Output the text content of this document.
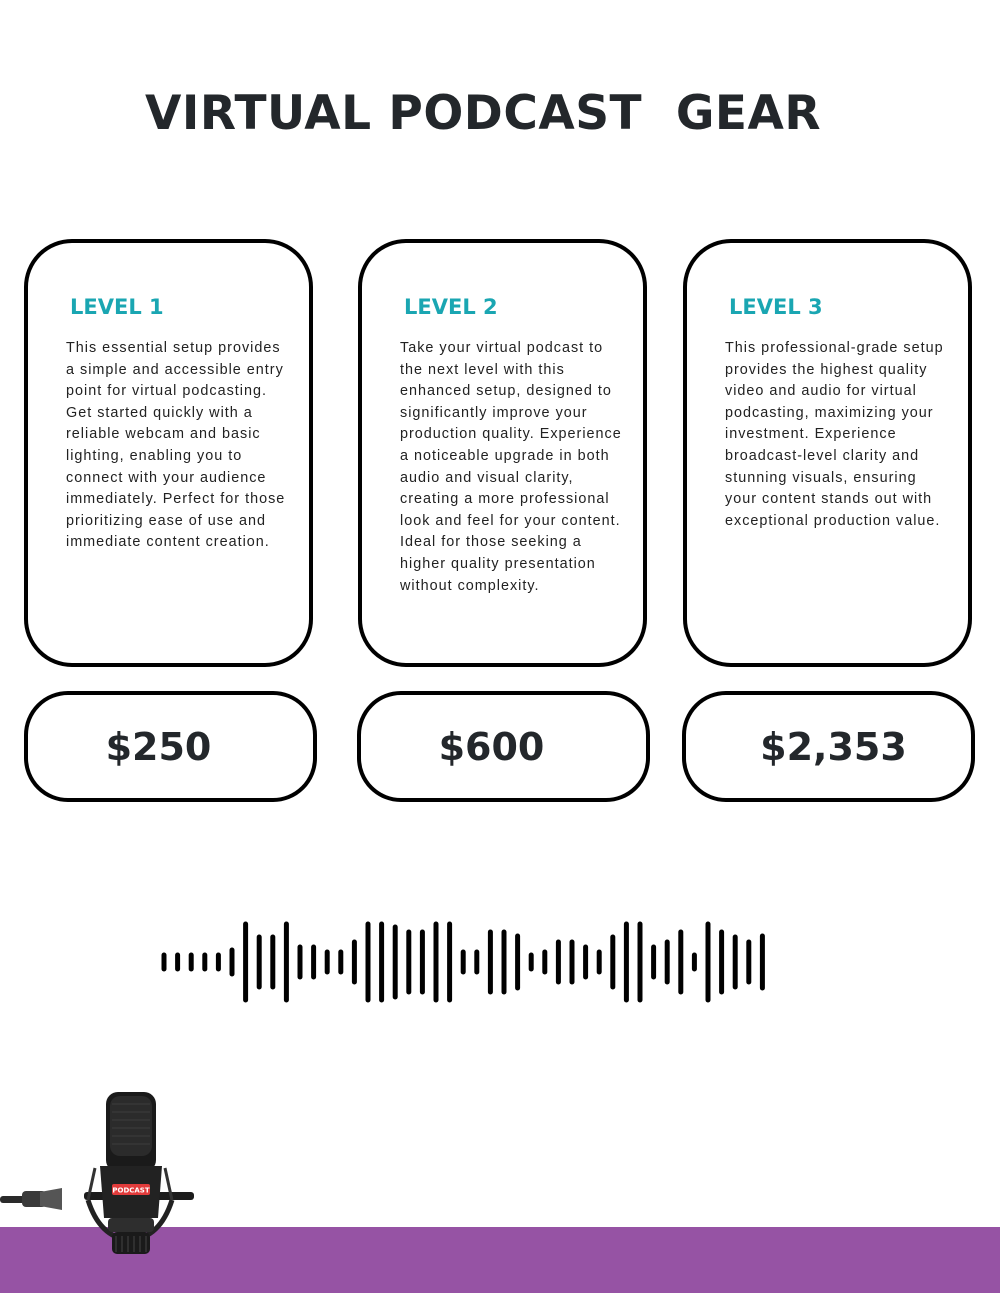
VIRTUAL PODCAST  GEAR
LEVEL 1

This essential setup provides a simple and accessible entry point for virtual podcasting. Get started quickly with a reliable webcam and basic lighting, enabling you to connect with your audience immediately. Perfect for those prioritizing ease of use and immediate content creation.

LEVEL 2

Take your virtual podcast to the next level with this enhanced setup, designed to significantly improve your production quality. Experience a noticeable upgrade in both audio and visual clarity, creating a more professional look and feel for your content. Ideal for those seeking a higher quality presentation without complexity.

LEVEL 3

This professional-grade setup provides the highest quality video and audio for virtual podcasting, maximizing your investment. Experience broadcast-level clarity and stunning visuals, ensuring your content stands out with exceptional production value.

$250	$600	$2,353
PODCAST
